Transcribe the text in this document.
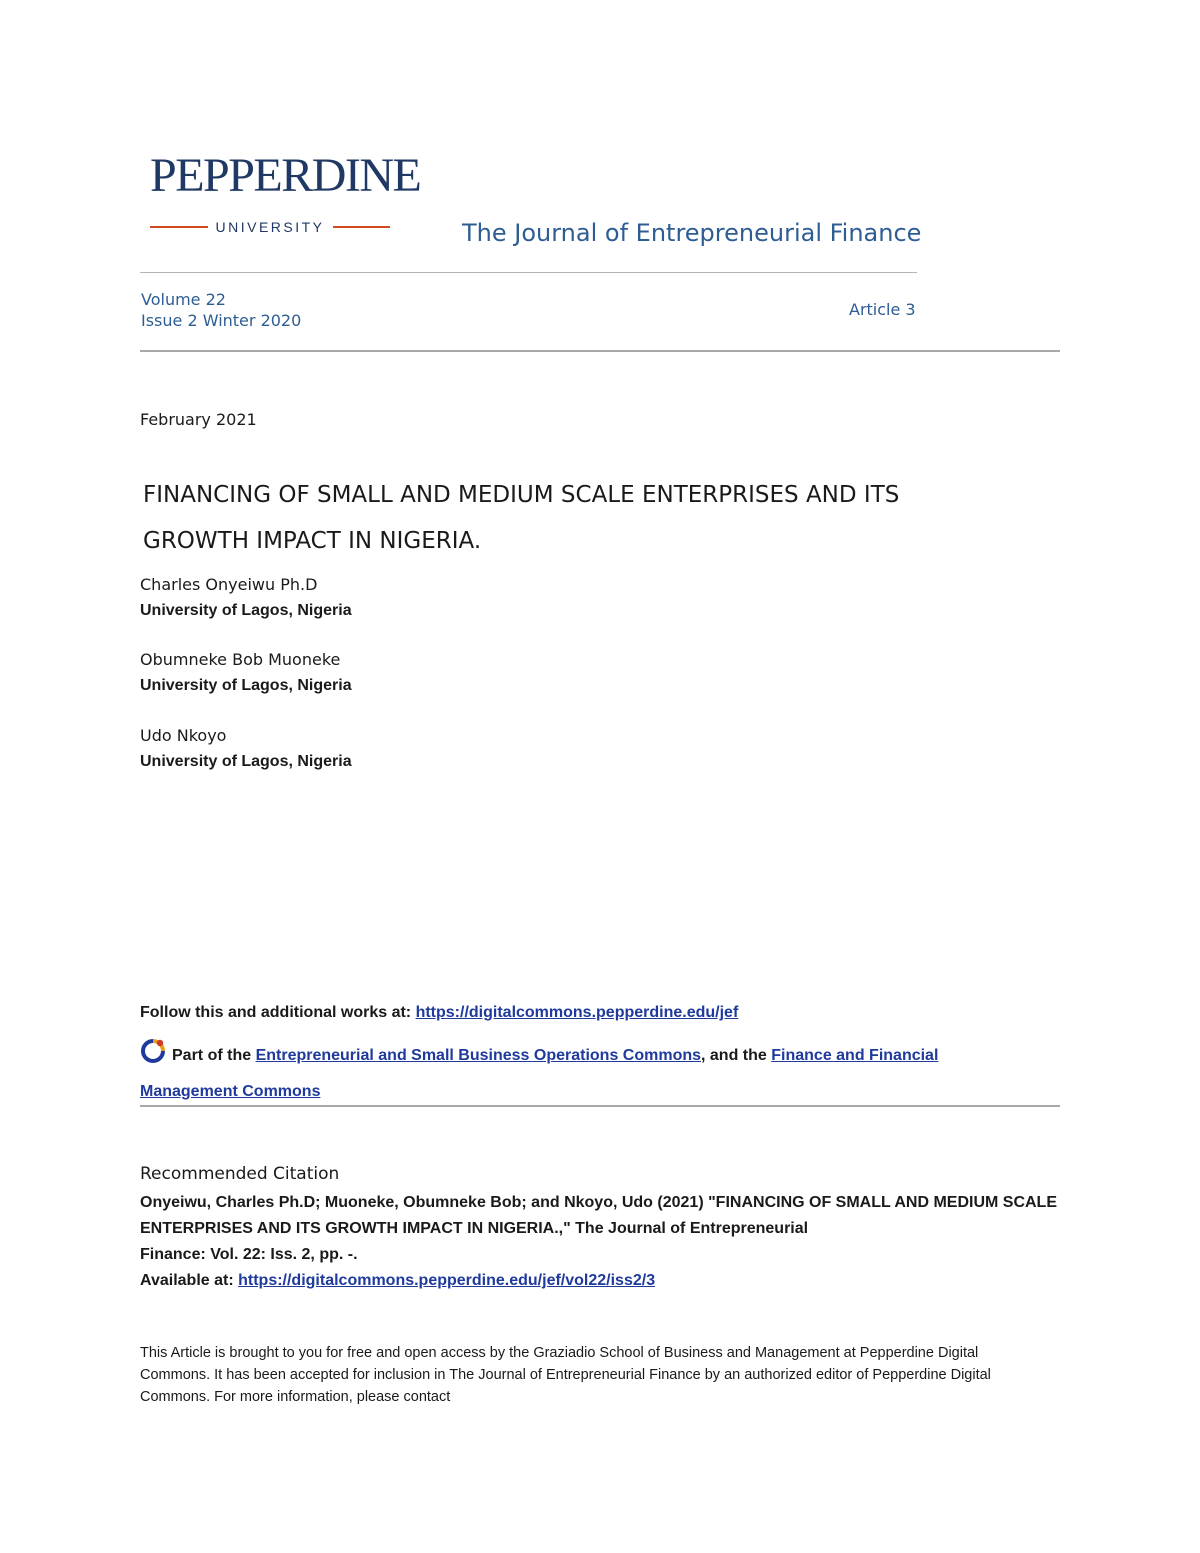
PEPPERDINE
UNIVERSITY	The Journal of Entrepreneurial Finance
Volume 22
Issue 2 Winter 2020
Article 3
February 2021
FINANCING OF SMALL AND MEDIUM SCALE ENTERPRISES AND ITS
GROWTH IMPACT IN NIGERIA.
Charles Onyeiwu Ph.D
University of Lagos, Nigeria
Obumneke Bob Muoneke
University of Lagos, Nigeria
Udo Nkoyo
University of Lagos, Nigeria
Follow this and additional works at: https://digitalcommons.pepperdine.edu/jef
Part of the Entrepreneurial and Small Business Operations Commons, and the Finance and Financial Management Commons
Recommended Citation
Onyeiwu, Charles Ph.D; Muoneke, Obumneke Bob; and Nkoyo, Udo (2021) "FINANCING OF SMALL AND MEDIUM SCALE ENTERPRISES AND ITS GROWTH IMPACT IN NIGERIA.," The Journal of Entrepreneurial
Finance: Vol. 22: Iss. 2, pp. -.
Available at: https://digitalcommons.pepperdine.edu/jef/vol22/iss2/3
This Article is brought to you for free and open access by the Graziadio School of Business and Management at Pepperdine Digital Commons. It has been accepted for inclusion in The Journal of Entrepreneurial Finance by an authorized editor of Pepperdine Digital Commons. For more information, please contact
